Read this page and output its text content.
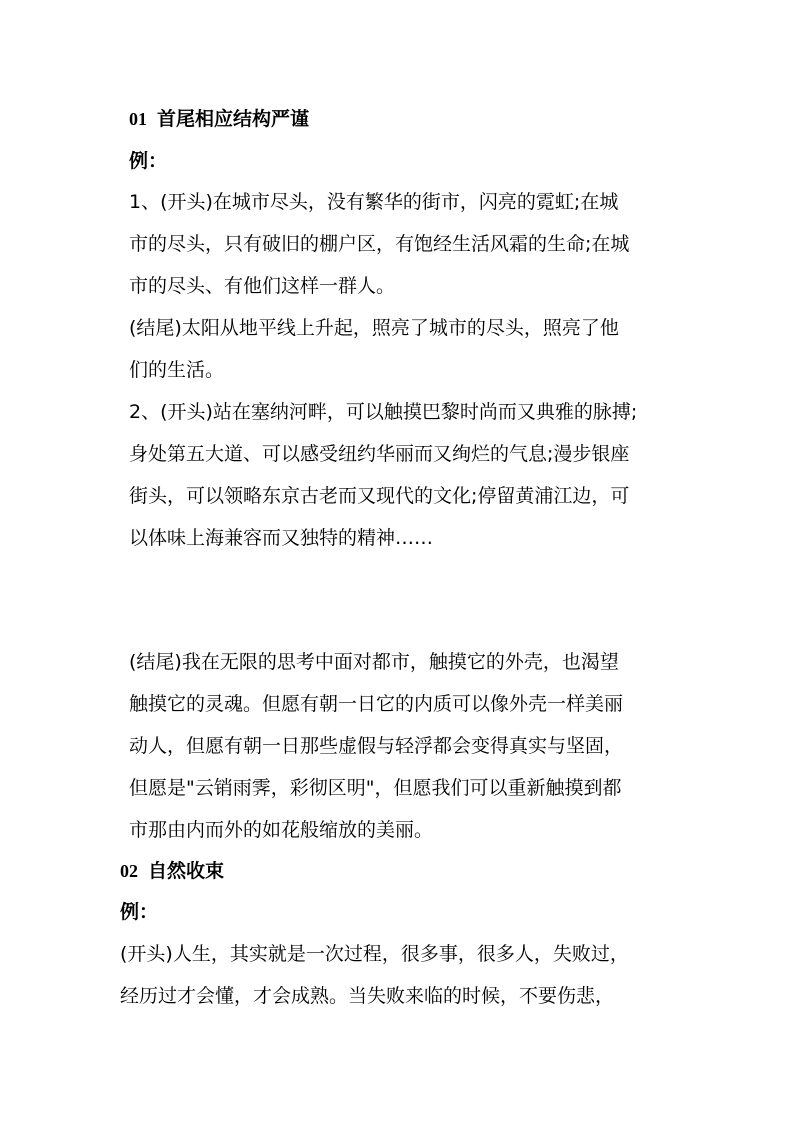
01 首尾相应结构严谨
例：
1、(开头)在城市尽头，没有繁华的街市，闪亮的霓虹;在城
市的尽头，只有破旧的棚户区，有饱经生活风霜的生命;在城
市的尽头、有他们这样一群人。
(结尾)太阳从地平线上升起，照亮了城市的尽头，照亮了他
们的生活。
2、(开头)站在塞纳河畔，可以触摸巴黎时尚而又典雅的脉搏;
身处第五大道、可以感受纽约华丽而又绚烂的气息;漫步银座
街头，可以领略东京古老而又现代的文化;停留黄浦江边，可
以体味上海兼容而又独特的精神……
(结尾)我在无限的思考中面对都市，触摸它的外壳，也渴望
触摸它的灵魂。但愿有朝一日它的内质可以像外壳一样美丽
动人，但愿有朝一日那些虚假与轻浮都会变得真实与坚固，
但愿是"云销雨霁，彩彻区明"，但愿我们可以重新触摸到都
市那由内而外的如花般缩放的美丽。
02 自然收束
例：
(开头)人生，其实就是一次过程，很多事，很多人，失败过，
经历过才会懂，才会成熟。当失败来临的时候，不要伤悲，
